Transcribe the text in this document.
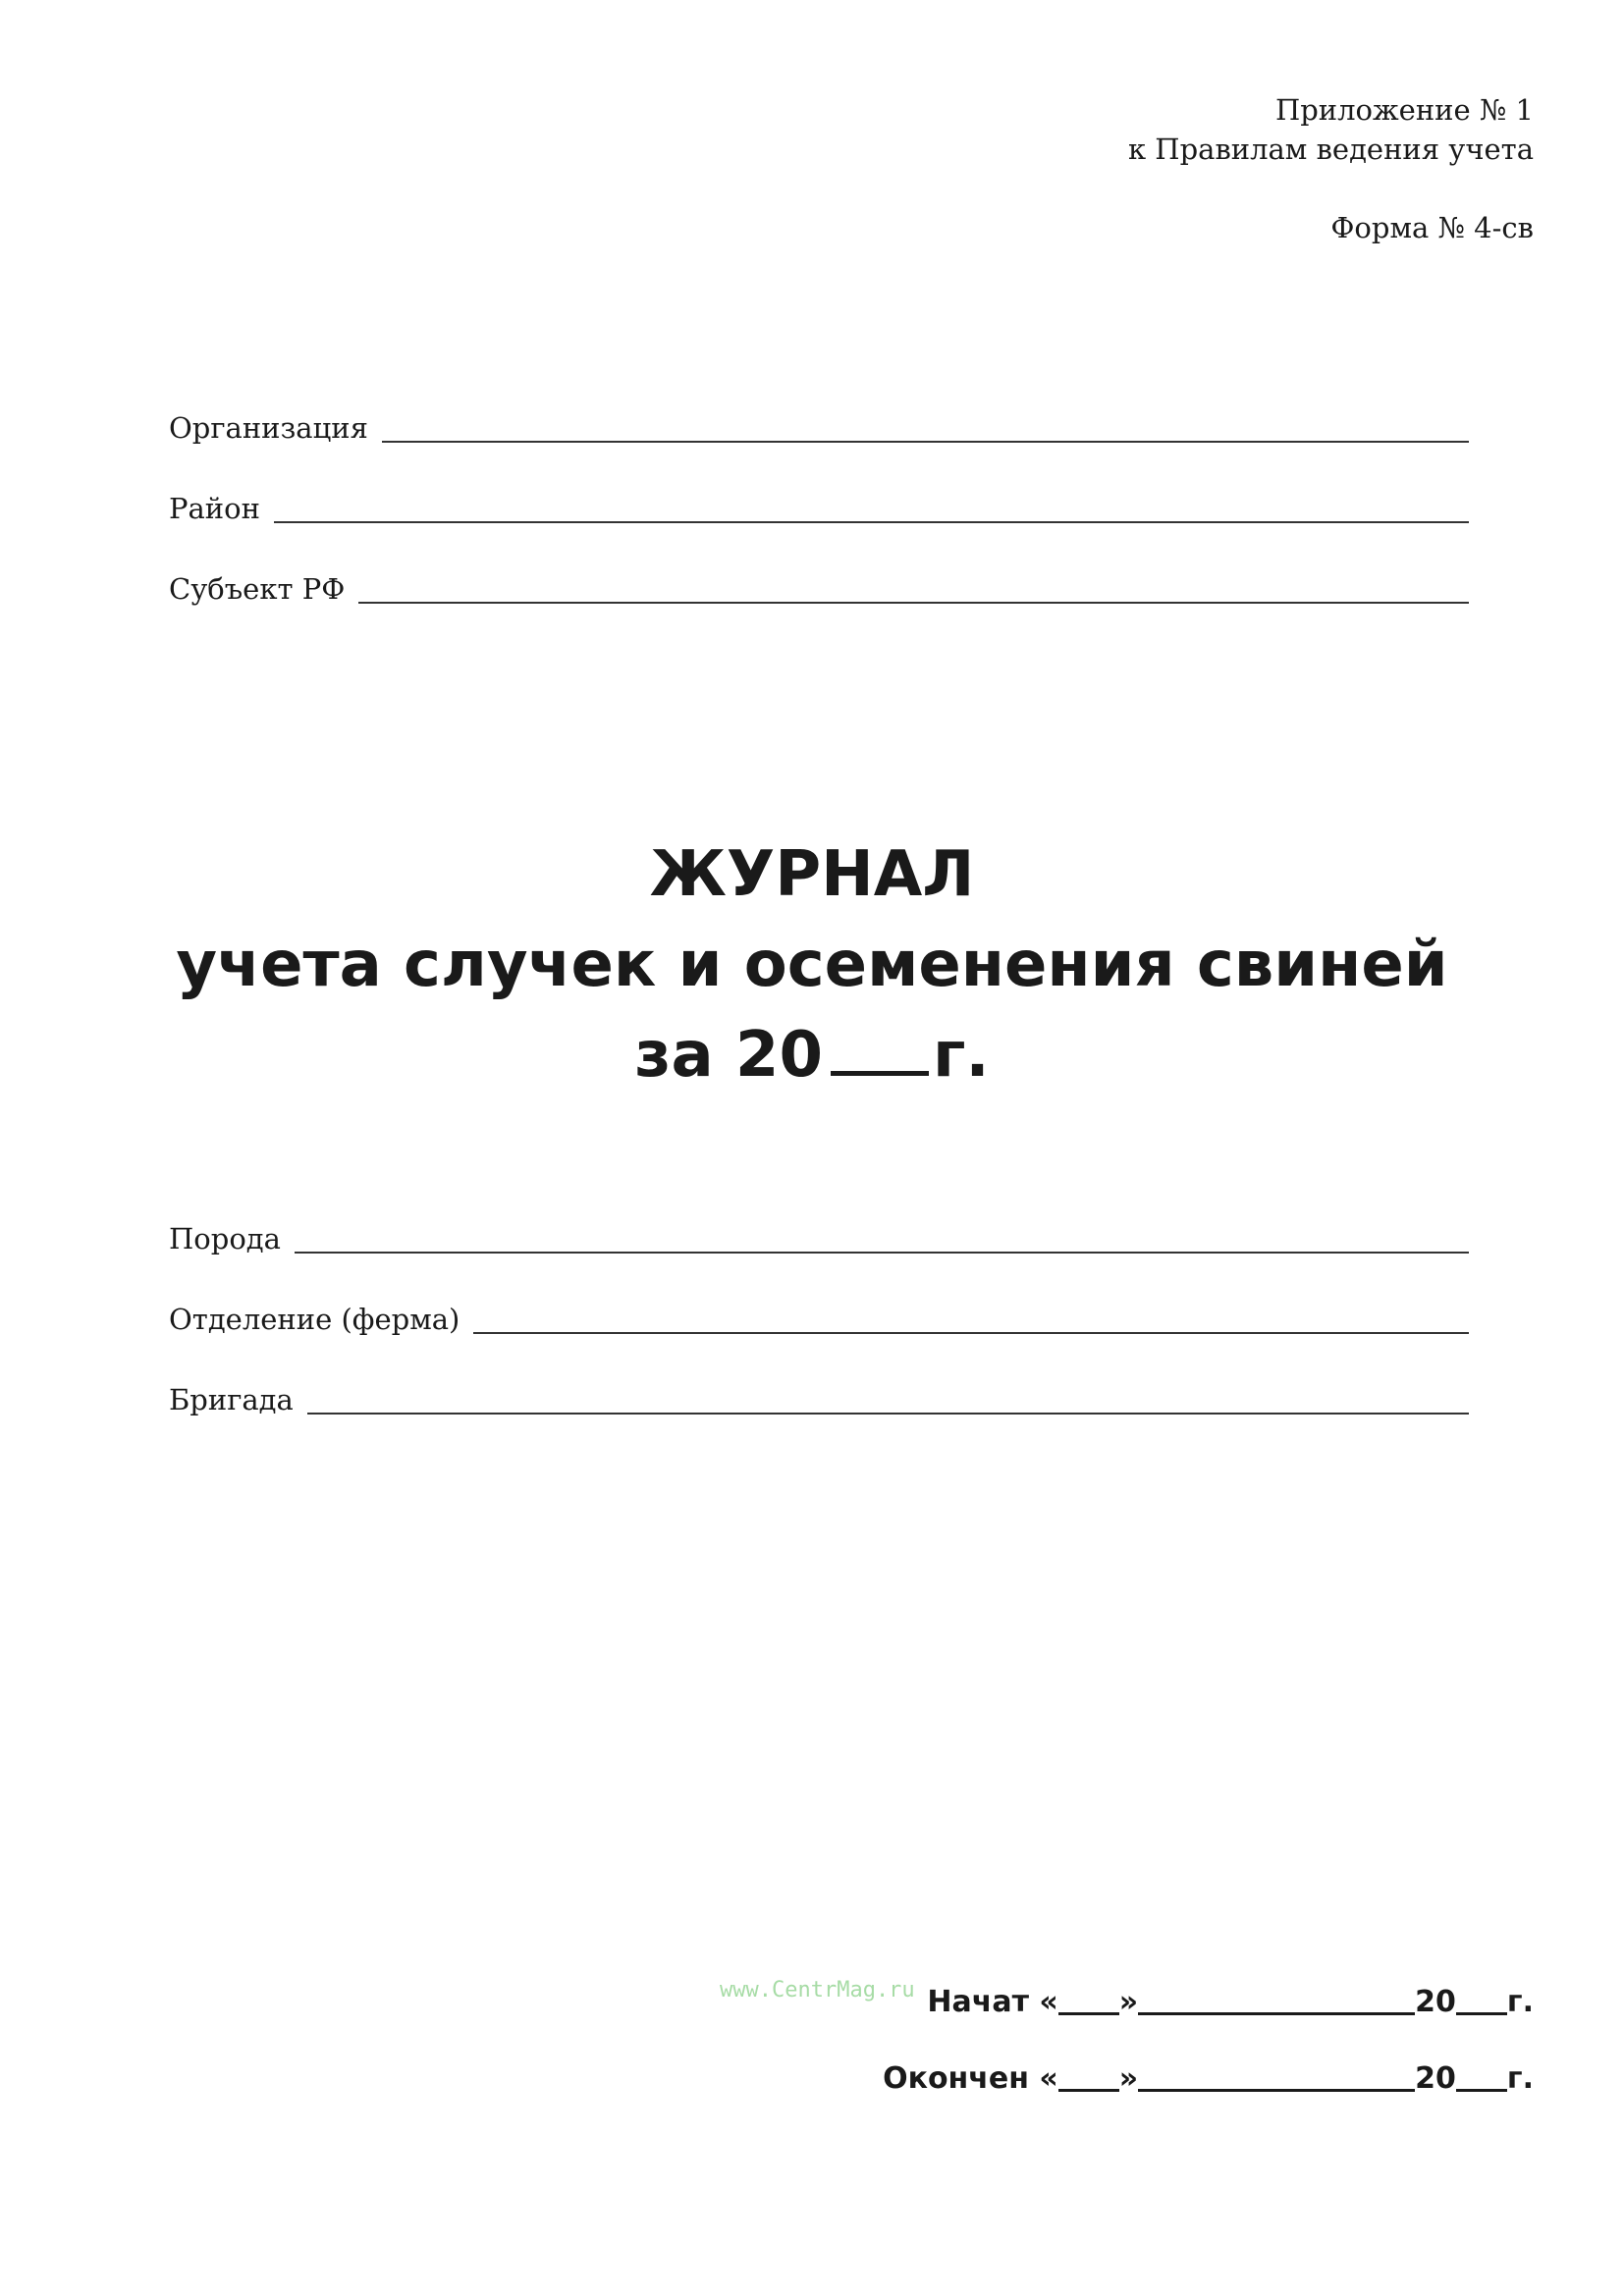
Приложение № 1
к Правилам ведения учета
Форма № 4-св
Организация
Район
Субъект РФ
ЖУРНАЛ
учета случек и осеменения свиней
за 20 г.
Порода
Отделение (ферма)
Бригада
www.CentrMag.ru Начат « »	20 г.
Окончен « »	20 г.
